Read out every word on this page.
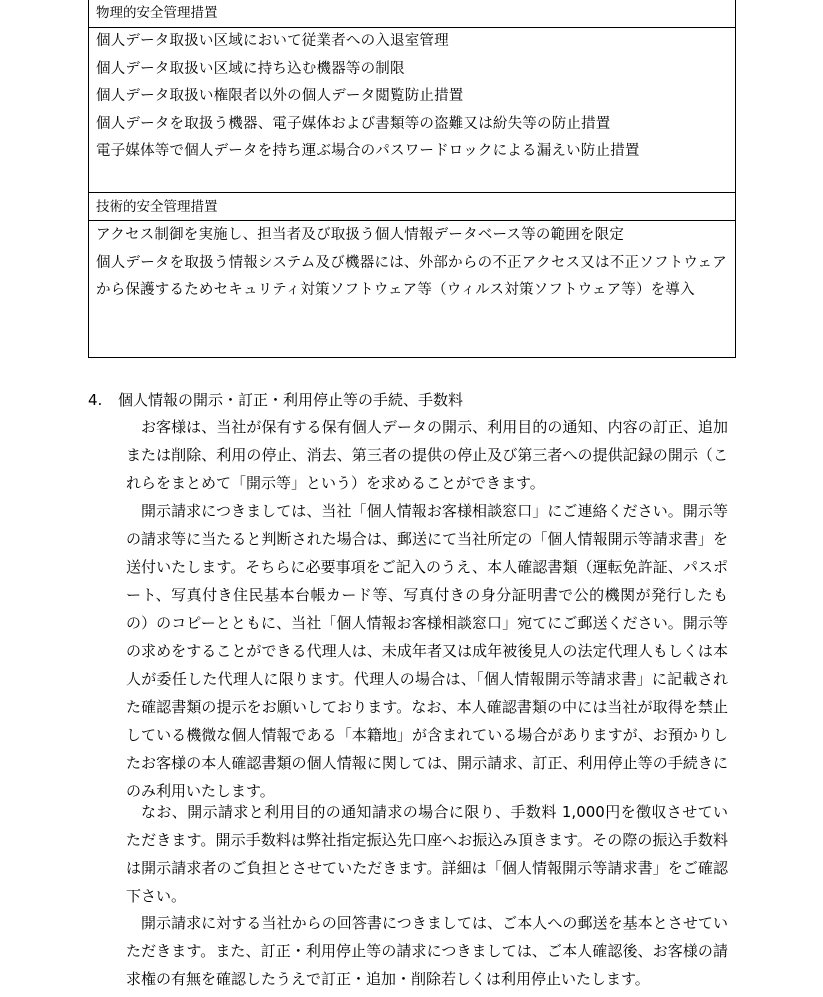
物理的安全管理措置
個人データ取扱い区域において従業者への入退室管理
個人データ取扱い区域に持ち込む機器等の制限
個人データ取扱い権限者以外の個人データ閲覧防止措置
個人データを取扱う機器、電子媒体および書類等の盗難又は紛失等の防止措置
電子媒体等で個人データを持ち運ぶ場合のパスワードロックによる漏えい防止措置
技術的安全管理措置
アクセス制御を実施し、担当者及び取扱う個人情報データベース等の範囲を限定
個人データを取扱う情報システム及び機器には、外部からの不正アクセス又は不正ソフトウェアから保護するためセキュリティ対策ソフトウェア等（ウィルス対策ソフトウェア等）を導入
4. 個人情報の開示・訂正・利用停止等の手続、手数料

お客様は、当社が保有する保有個人データの開示、利用目的の通知、内容の訂正、追加または削除、利用の停止、消去、第三者の提供の停止及び第三者への提供記録の開示（これらをまとめて「開示等」という）を求めることができます。

開示請求につきましては、当社「個人情報お客様相談窓口」にご連絡ください。開示等の請求等に当たると判断された場合は、郵送にて当社所定の「個人情報開示等請求書」を送付いたします。そちらに必要事項をご記入のうえ、本人確認書類（運転免許証、パスポート、写真付き住民基本台帳カード等、写真付きの身分証明書で公的機関が発行したもの）のコピーとともに、当社「個人情報お客様相談窓口」宛てにご郵送ください。開示等の求めをすることができる代理人は、未成年者又は成年被後見人の法定代理人もしくは本人が委任した代理人に限ります。代理人の場合は、「個人情報開示等請求書」に記載された確認書類の提示をお願いしております。なお、本人確認書類の中には当社が取得を禁止している機微な個人情報である「本籍地」が含まれている場合がありますが、お預かりしたお客様の本人確認書類の個人情報に関しては、開示請求、訂正、利用停止等の手続きにのみ利用いたします。

なお、開示請求と利用目的の通知請求の場合に限り、手数料 1,000円を徴収させていただきます。開示手数料は弊社指定振込先口座へお振込み頂きます。その際の振込手数料は開示請求者のご負担とさせていただきます。詳細は「個人情報開示等請求書」をご確認下さい。

開示請求に対する当社からの回答書につきましては、ご本人への郵送を基本とさせていただきます。また、訂正・利用停止等の請求につきましては、ご本人確認後、お客様の請求権の有無を確認したうえで訂正・追加・削除若しくは利用停止いたします。
